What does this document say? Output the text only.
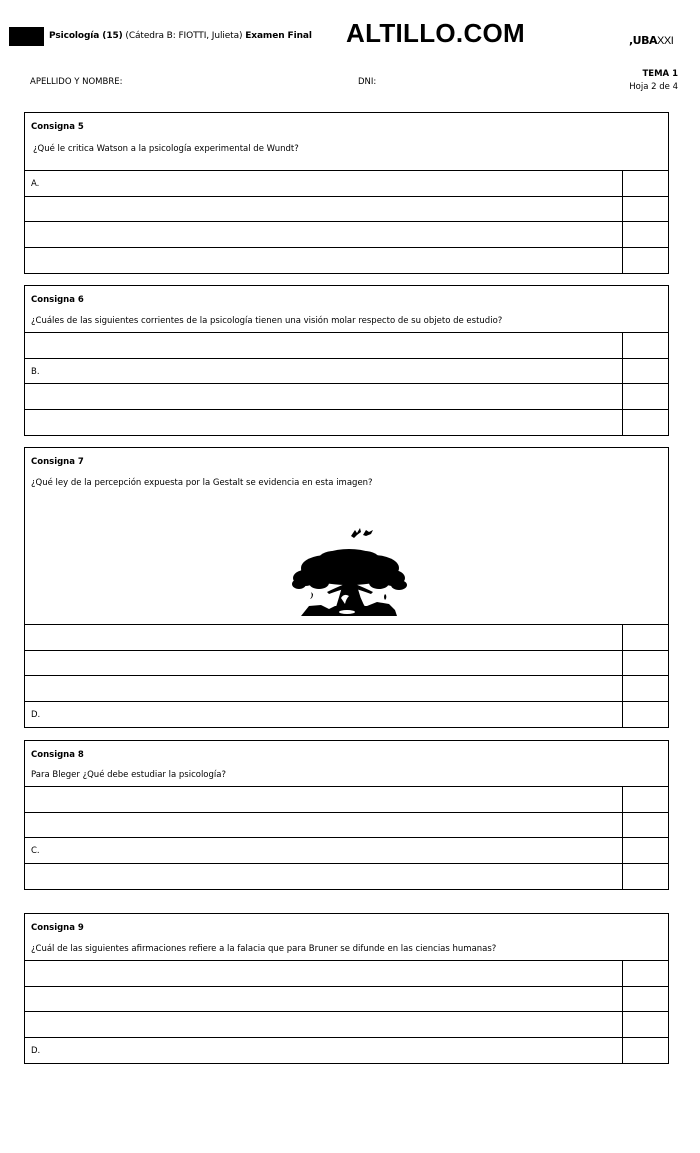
Psicología (15) (Cátedra B: FIOTTI, Julieta) Examen Final ALTILLO.COM	,UBAXXI
APELLIDO Y NOMBRE:	DNI:
TEMA 1
Hoja 2 de 4
Consigna 5
¿Qué le critica Watson a la psicología experimental de Wundt?
A.
Consigna 6
¿Cuáles de las siguientes corrientes de la psicología tienen una visión molar respecto de su objeto de estudio?
B.
Consigna 7
¿Qué ley de la percepción expuesta por la Gestalt se evidencia en esta imagen?
D.
Consigna 8
Para Bleger ¿Qué debe estudiar la psicología?
C.
Consigna 9
¿Cuál de las siguientes afirmaciones refiere a la falacia que para Bruner se difunde en las ciencias humanas?
D.
